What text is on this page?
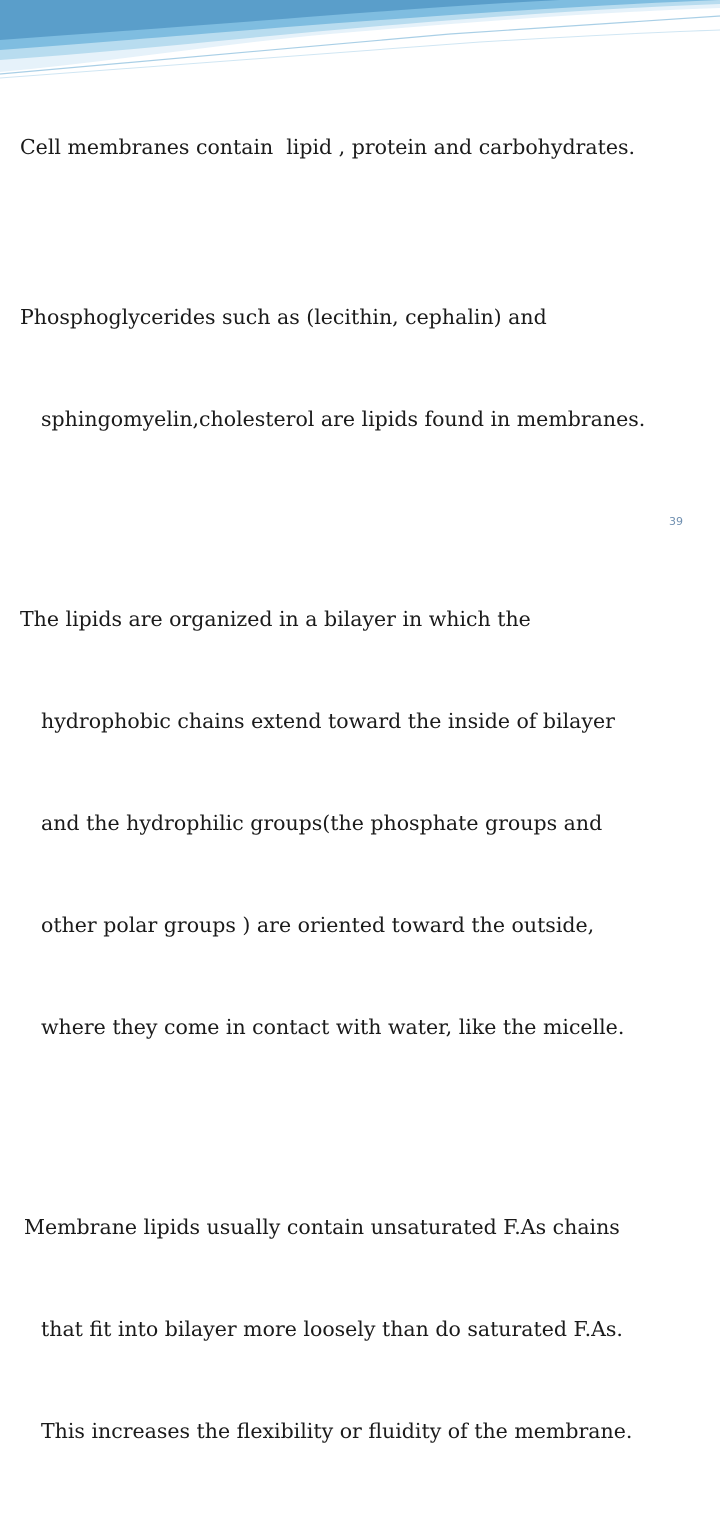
Cell membranes contain  lipid , protein and carbohydrates.

Phosphoglycerides such as (lecithin, cephalin) and

sphingomyelin,cholesterol are lipids found in membranes.

The lipids are organized in a bilayer in which the

hydrophobic chains extend toward the inside of bilayer

and the hydrophilic groups(the phosphate groups and

other polar groups ) are oriented toward the outside,

where they come in contact with water, like the micelle.

Membrane lipids usually contain unsaturated F.As chains

that fit into bilayer more loosely than do saturated F.As.

This increases the flexibility or fluidity of the membrane.

39
